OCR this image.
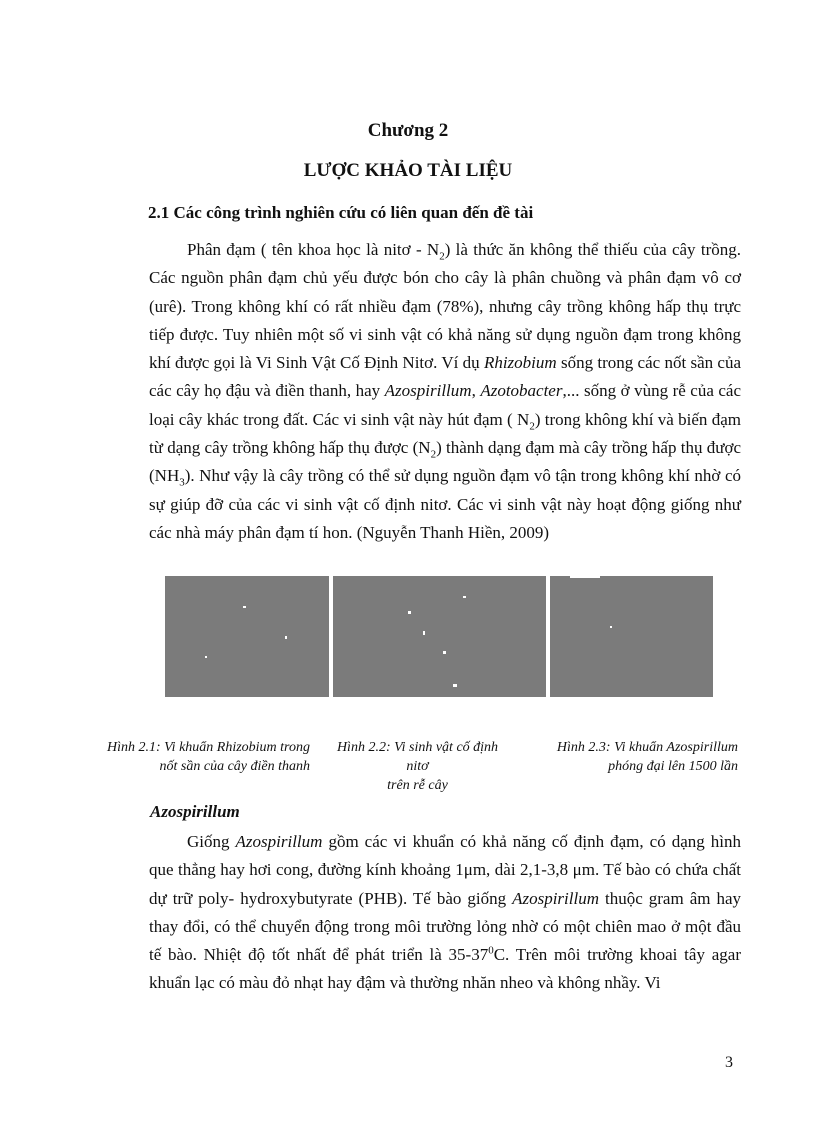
Chương 2
LƯỢC KHẢO TÀI LIỆU
2.1 Các công trình nghiên cứu có liên quan đến đề tài
Phân đạm ( tên khoa học là nitơ - $N_2$) là thức ăn không thể thiếu của cây trồng. Các nguồn phân đạm chủ yếu được bón cho cây là phân chuồng và phân đạm vô cơ (urê). Trong không khí có rất nhiều đạm (78%), nhưng cây trồng không hấp thụ trực tiếp được. Tuy nhiên một số vi sinh vật có khả năng sử dụng nguồn đạm trong không khí được gọi là Vi Sinh Vật Cố Định Nitơ. Ví dụ Rhizobium sống trong các nốt sần của các cây họ đậu và điền thanh, hay Azospirillum, Azotobacter,... sống ở vùng rễ của các loại cây khác trong đất. Các vi sinh vật này hút đạm ( $N_2$) trong không khí và biến đạm từ dạng cây trồng không hấp thụ được $(N_2)$ thành dạng đạm mà cây trồng hấp thụ được $(NH_3)$. Như vậy là cây trồng có thể sử dụng nguồn đạm vô tận trong không khí nhờ có sự giúp đỡ của các vi sinh vật cố định nitơ. Các vi sinh vật này hoạt động giống như các nhà máy phân đạm tí hon. (Nguyễn Thanh Hiền, 2009)
Hình 2.1: Vi khuẩn Rhizobium trong
nốt sần của cây điền thanh
Hình 2.2: Vi sinh vật cố định nitơ
trên rễ cây
Hình 2.3: Vi khuẩn Azospirillum
phóng đại lên 1500 lần
Azospirillum
Giống Azospirillum gồm các vi khuẩn có khả năng cố định đạm, có dạng hình que thẳng hay hơi cong, đường kính khoảng 1μm, dài 2,1-3,8 μm. Tế bào có chứa chất dự trữ poly- hydroxybutyrate (PHB). Tế bào giống Azospirillum thuộc gram âm hay thay đổi, có thể chuyển động trong môi trường lỏng nhờ có một chiên mao ở một đầu tế bào. Nhiệt độ tốt nhất để phát triển là $35-37^0C$. Trên môi trường khoai tây agar khuẩn lạc có màu đỏ nhạt hay đậm và thường nhăn nheo và không nhầy. Vi
3
